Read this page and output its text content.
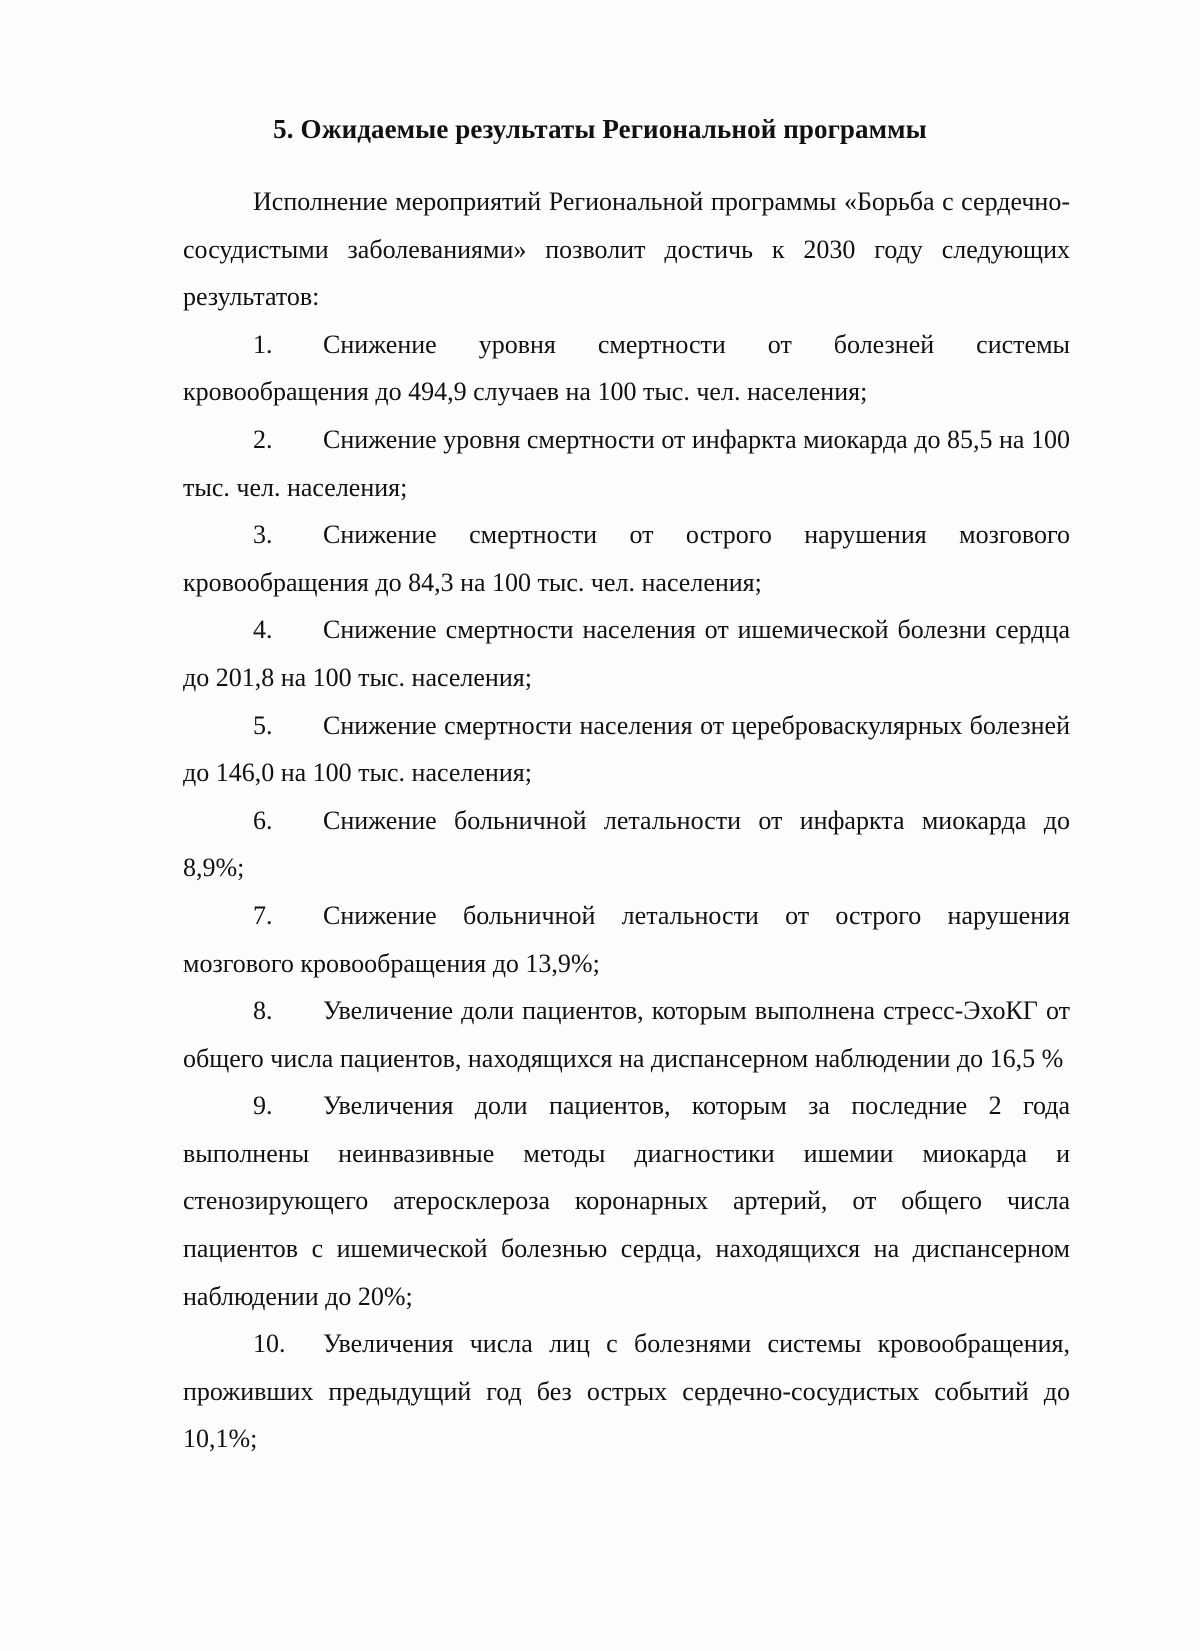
5. Ожидаемые результаты Региональной программы

Исполнение мероприятий Региональной программы «Борьба с сердечно-сосудистыми заболеваниями» позволит достичь к 2030 году следующих результатов:

1. Снижение уровня смертности от болезней системы кровообращения до 494,9 случаев на 100 тыс. чел. населения;

2. Снижение уровня смертности от инфаркта миокарда до 85,5 на 100 тыс. чел. населения;

3. Снижение смертности от острого нарушения мозгового кровообращения до 84,3 на 100 тыс. чел. населения;

4. Снижение смертности населения от ишемической болезни сердца до 201,8 на 100 тыс. населения;

5. Снижение смертности населения от цереброваскулярных болезней до 146,0 на 100 тыс. населения;

6. Снижение больничной летальности от инфаркта миокарда до 8,9%;

7. Снижение больничной летальности от острого нарушения мозгового кровообращения до 13,9%;

8. Увеличение доли пациентов, которым выполнена стресс-ЭхоКГ от общего числа пациентов, находящихся на диспансерном наблюдении до 16,5 %

9. Увеличения доли пациентов, которым за последние 2 года выполнены неинвазивные методы диагностики ишемии миокарда и стенозирующего атеросклероза коронарных артерий, от общего числа пациентов с ишемической болезнью сердца, находящихся на диспансерном наблюдении до 20%;

10. Увеличения числа лиц с болезнями системы кровообращения, проживших предыдущий год без острых сердечно-сосудистых событий до 10,1%;
